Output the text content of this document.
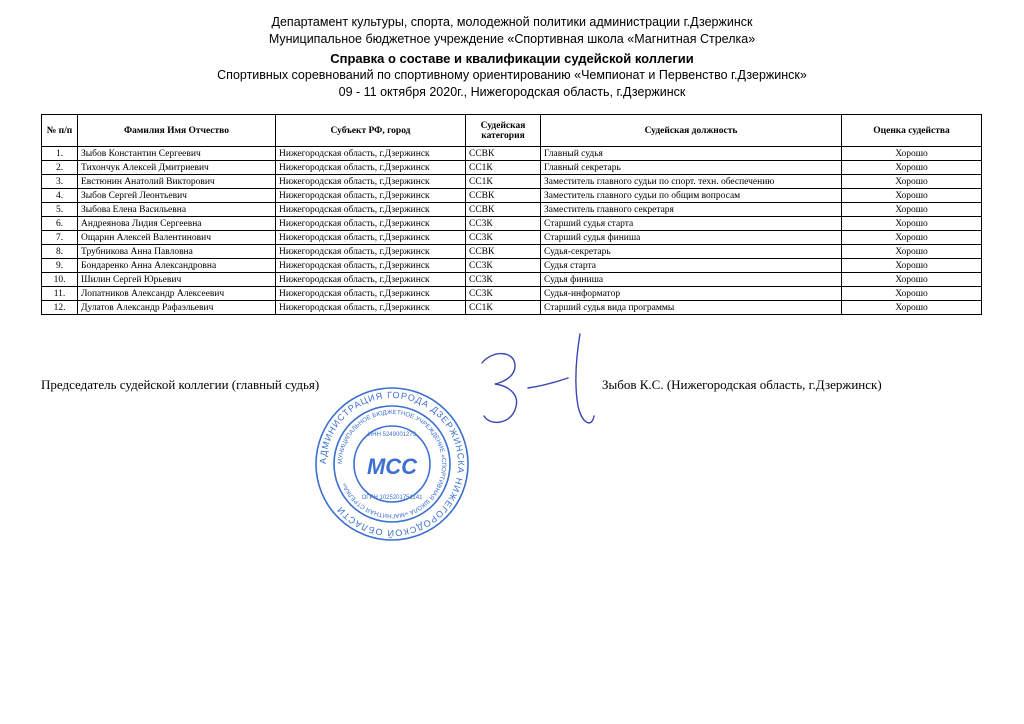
Департамент культуры, спорта, молодежной политики администрации г.Дзержинск
Муниципальное бюджетное учреждение «Спортивная школа «Магнитная Стрелка»
Справка о составе и квалификации судейской коллегии
Спортивных соревнований по спортивному ориентированию «Чемпионат и Первенство г.Дзержинск»
09 - 11 октября 2020г., Нижегородская область, г.Дзержинск
№ п/п	Фамилия Имя Отчество	Субъект РФ, город	Судейская категория	Судейская должность	Оценка судейства
1.	Зыбов Константин Сергеевич	Нижегородская область, г.Дзержинск	ССВК	Главный судья	Хорошо
2.	Тихончук Алексей Дмитриевич	Нижегородская область, г.Дзержинск	СС1К	Главный секретарь	Хорошо
3.	Евстюнин Анатолий Викторович	Нижегородская область, г.Дзержинск	СС1К	Заместитель главного судьи по спорт. техн. обеспечению	Хорошо
4.	Зыбов Сергей Леонтьевич	Нижегородская область, г.Дзержинск	ССВК	Заместитель главного судьи по общим вопросам	Хорошо
5.	Зыбова Елена Васильевна	Нижегородская область, г.Дзержинск	ССВК	Заместитель главного секретаря	Хорошо
6.	Андреянова Лидия Сергеевна	Нижегородская область, г.Дзержинск	СС3К	Старший судья старта	Хорошо
7.	Ощарин Алексей Валентинович	Нижегородская область, г.Дзержинск	СС3К	Старший судья финиша	Хорошо
8.	Трубникова Анна Павловна	Нижегородская область, г.Дзержинск	ССВК	Судья-секретарь	Хорошо
9.	Бондаренко Анна Александровна	Нижегородская область, г.Дзержинск	СС3К	Судья старта	Хорошо
10.	Шилин Сергей Юрьевич	Нижегородская область, г.Дзержинск	СС3К	Судья финиша	Хорошо
11.	Лопатников Александр Алексеевич	Нижегородская область, г.Дзержинск	СС3К	Судья-информатор	Хорошо
12.	Дулатов Александр Рафаэльевич	Нижегородская область, г.Дзержинск	СС1К	Старший судья вида программы	Хорошо
Председатель судейской коллегии (главный судья)	Зыбов К.С. (Нижегородская область, г.Дзержинск)
АДМИНИСТРАЦИЯ ГОРОДА ДЗЕРЖИНСКА НИЖЕГОРОДСКОЙ ОБЛАСТИ
МУНИЦИПАЛЬНОЕ БЮДЖЕТНОЕ УЧРЕЖДЕНИЕ «СПОРТИВНАЯ ШКОЛА «МАГНИТНАЯ СТРЕЛКА»
ИНН 5249001273
ОГРН 1025201751141
МСС
